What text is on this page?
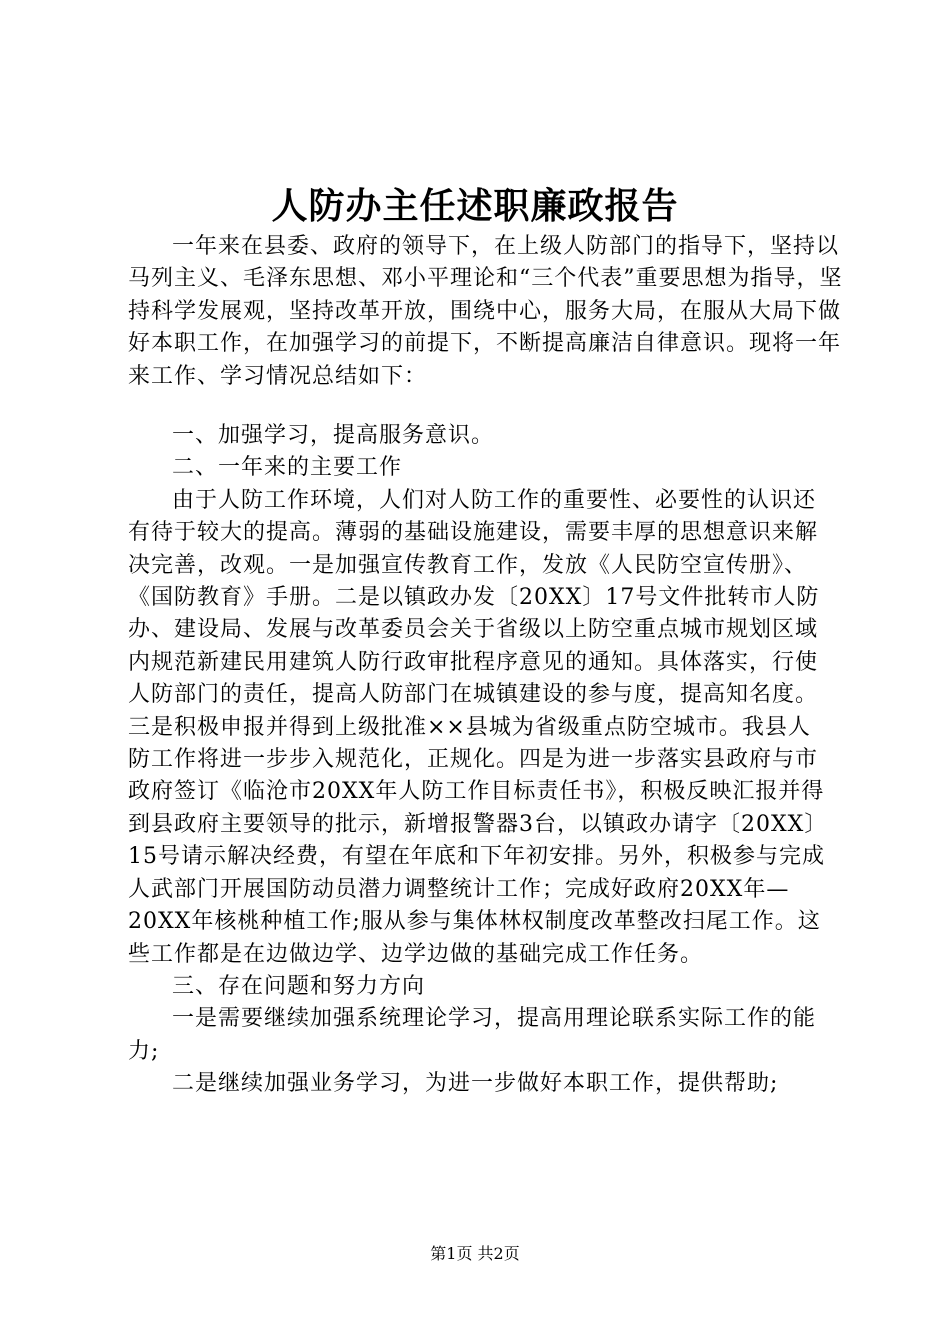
人防办主任述职廉政报告

一年来在县委、政府的领导下，在上级人防部门的指导下，坚持以马列主义、毛泽东思想、邓小平理论和“三个代表”重要思想为指导，坚持科学发展观，坚持改革开放，围绕中心，服务大局，在服从大局下做好本职工作，在加强学习的前提下，不断提高廉洁自律意识。现将一年来工作、学习情况总结如下：

一、加强学习，提高服务意识。

二、一年来的主要工作

由于人防工作环境，人们对人防工作的重要性、必要性的认识还有待于较大的提高。薄弱的基础设施建设，需要丰厚的思想意识来解决完善，改观。一是加强宣传教育工作，发放《人民防空宣传册》、《国防教育》手册。二是以镇政办发〔20XX〕17号文件批转市人防办、建设局、发展与改革委员会关于省级以上防空重点城市规划区域内规范新建民用建筑人防行政审批程序意见的通知。具体落实，行使人防部门的责任，提高人防部门在城镇建设的参与度，提高知名度。三是积极申报并得到上级批准××县城为省级重点防空城市。我县人防工作将进一步步入规范化，正规化。四是为进一步落实县政府与市政府签订《临沧市20XX年人防工作目标责任书》，积极反映汇报并得到县政府主要领导的批示，新增报警器3台，以镇政办请字〔20XX〕15号请示解决经费，有望在年底和下年初安排。另外，积极参与完成人武部门开展国防动员潜力调整统计工作；完成好政府20XX年—20XX年核桃种植工作;服从参与集体林权制度改革整改扫尾工作。这些工作都是在边做边学、边学边做的基础完成工作任务。

三、存在问题和努力方向

一是需要继续加强系统理论学习，提高用理论联系实际工作的能力;

二是继续加强业务学习，为进一步做好本职工作，提供帮助;

第1页 共2页
